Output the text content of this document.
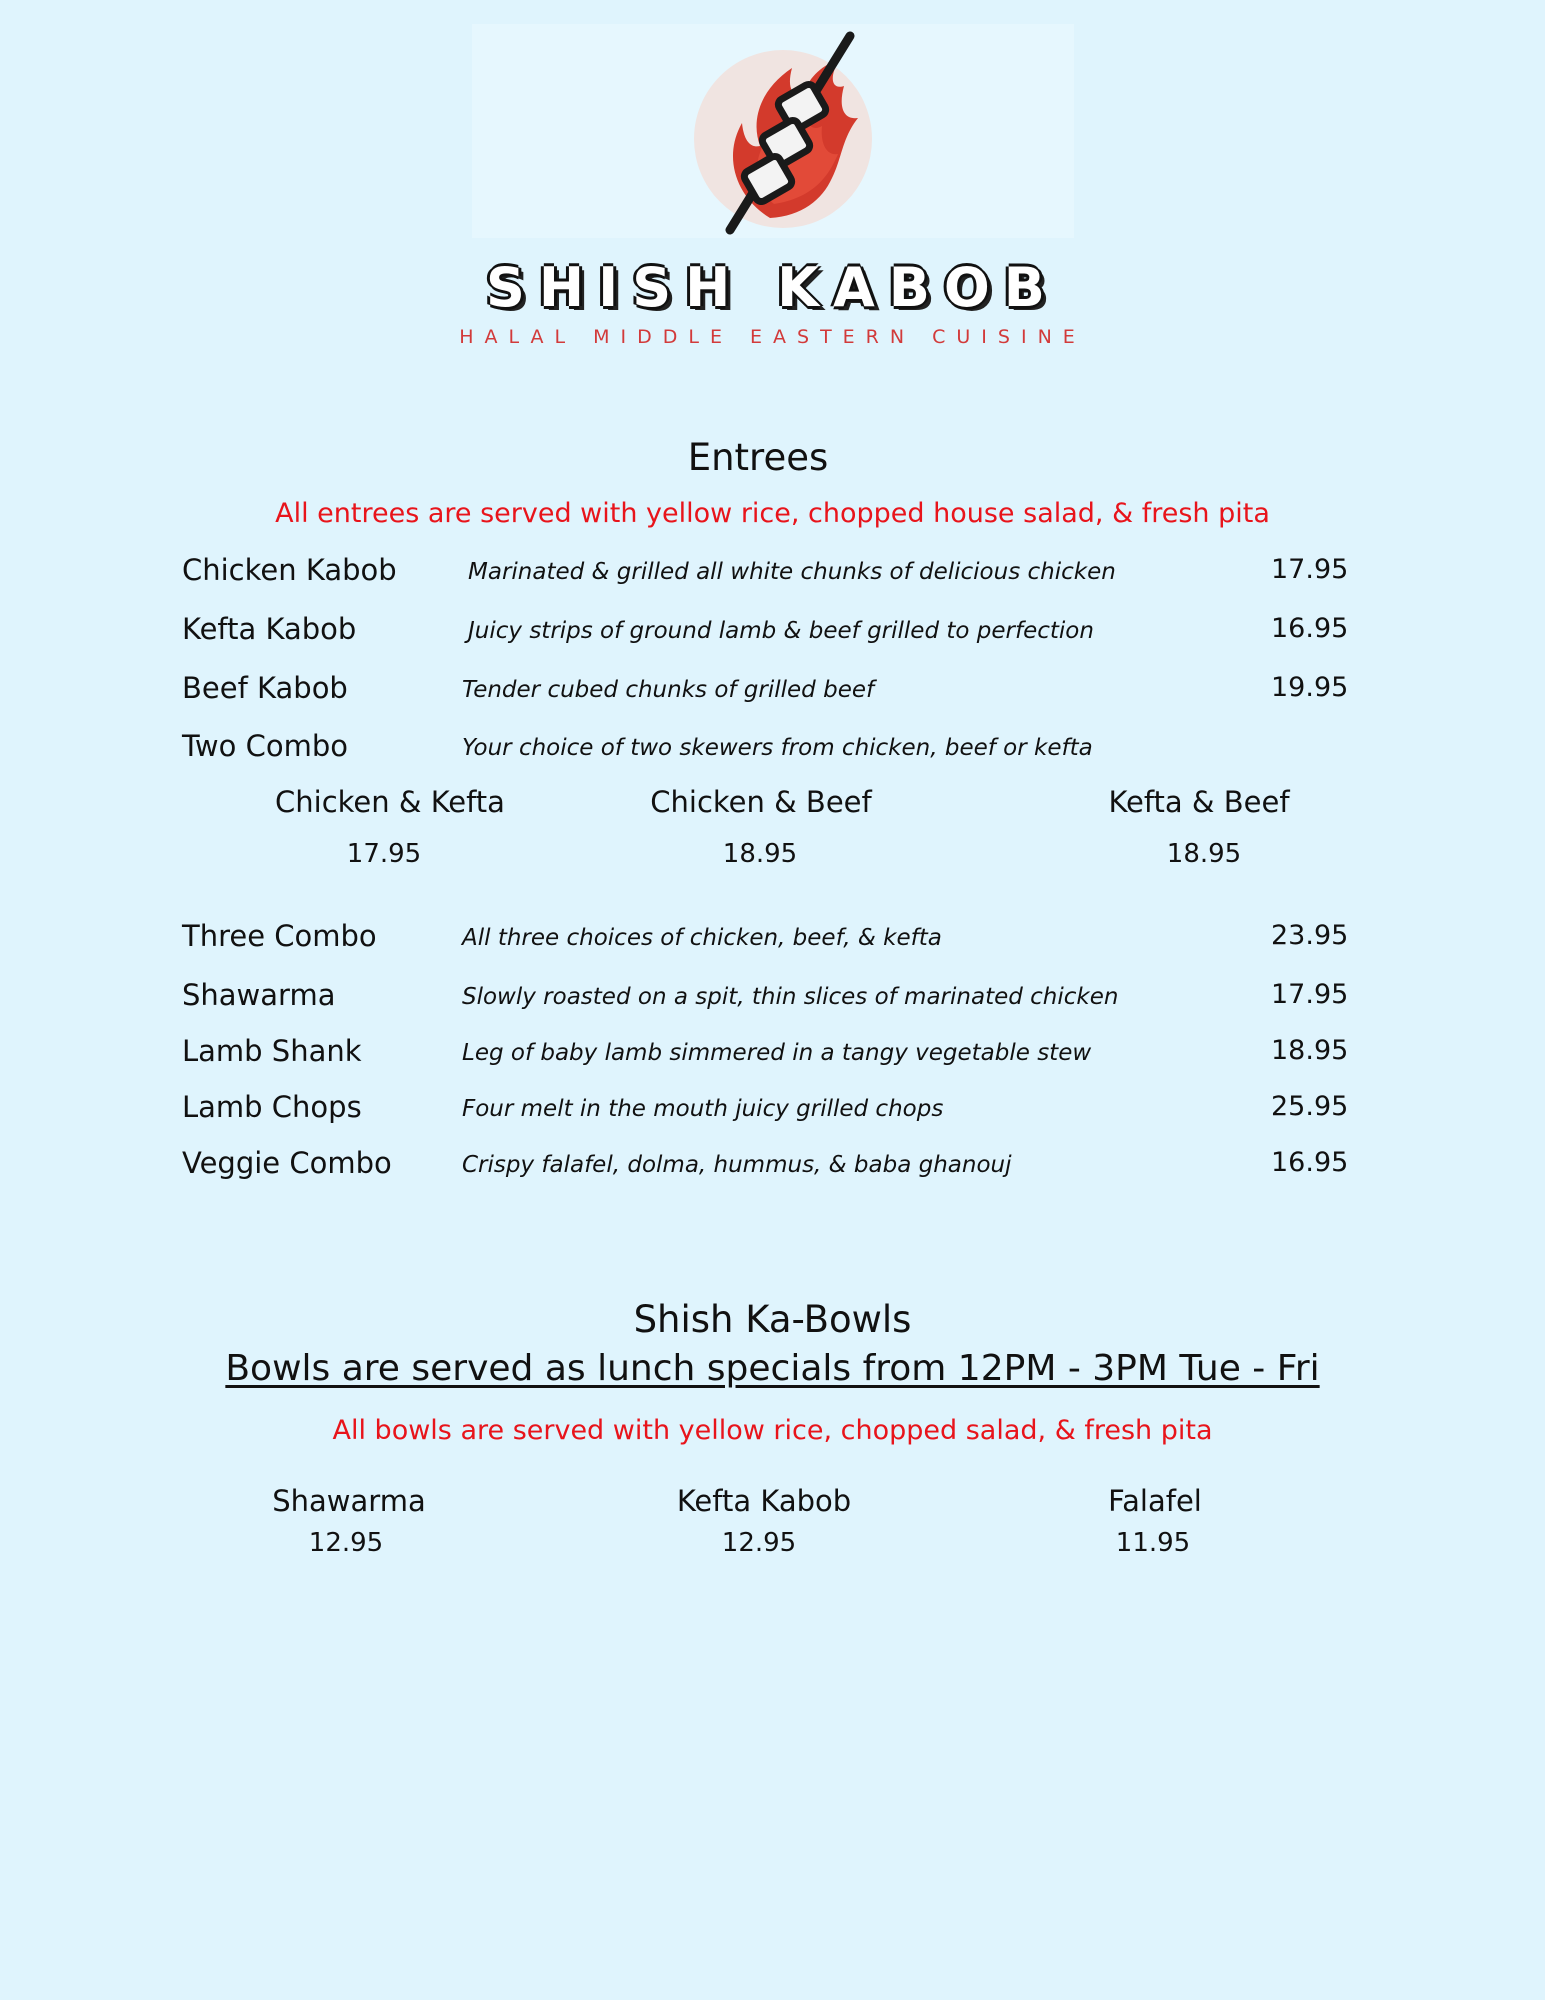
SHISH KABOB
HALAL MIDDLE EASTERN CUISINE
Entrees
All entrees are served with yellow rice, chopped house salad, & fresh pita
Chicken Kabob	Marinated & grilled all white chunks of delicious chicken	17.95
Kefta Kabob	Juicy strips of ground lamb & beef grilled to perfection	16.95
Beef Kabob	Tender cubed chunks of grilled beef	19.95
Two Combo	Your choice of two skewers from chicken, beef or kefta
Chicken & Kefta
17.95
Chicken & Beef
18.95
Kefta & Beef
18.95
Three Combo	All three choices of chicken, beef, & kefta	23.95
Shawarma	Slowly roasted on a spit, thin slices of marinated chicken	17.95
Lamb Shank	Leg of baby lamb simmered in a tangy vegetable stew	18.95
Lamb Chops	Four melt in the mouth juicy grilled chops	25.95
Veggie Combo	Crispy falafel, dolma, hummus, & baba ghanouj	16.95
Shish Ka-Bowls
Bowls are served as lunch specials from 12PM - 3PM Tue - Fri
All bowls are served with yellow rice, chopped salad, & fresh pita
Shawarma
12.95
Kefta Kabob
12.95
Falafel
11.95
